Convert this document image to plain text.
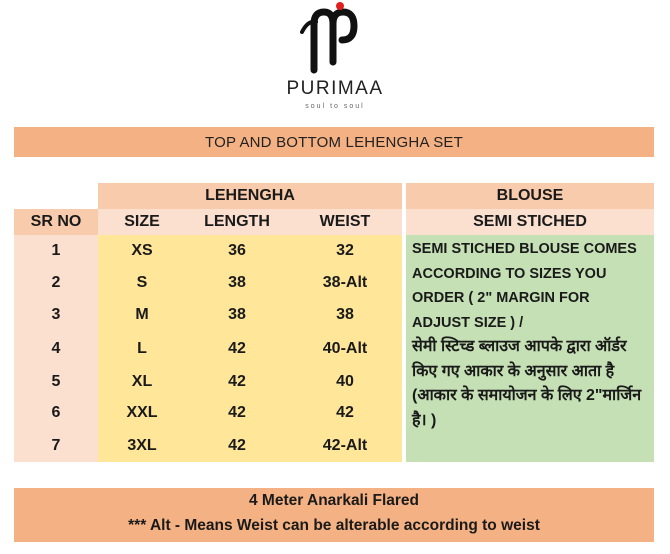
PURIMAA
soul to soul
TOP AND BOTTOM LEHENGHA SET
LEHENGHA	BLOUSE
SR NO	SIZE	LENGTH	WEIST	SEMI STICHED
1	XS	36	32
2	S	38	38-Alt
3	M	38	38
4	L	42	40-Alt
5	XL	42	40
6	XXL	42	42
7	3XL	42	42-Alt
SEMI STICHED BLOUSE COMES ACCORDING TO SIZES YOU ORDER ( 2" MARGIN FOR ADJUST SIZE ) /
सेमी स्टिच्ड ब्लाउज आपके द्वारा ऑर्डर किए गए आकार के अनुसार आता है (आकार के समायोजन के लिए 2"मार्जिन है। )
4 Meter Anarkali Flared
*** Alt - Means Weist can be alterable according to weist
